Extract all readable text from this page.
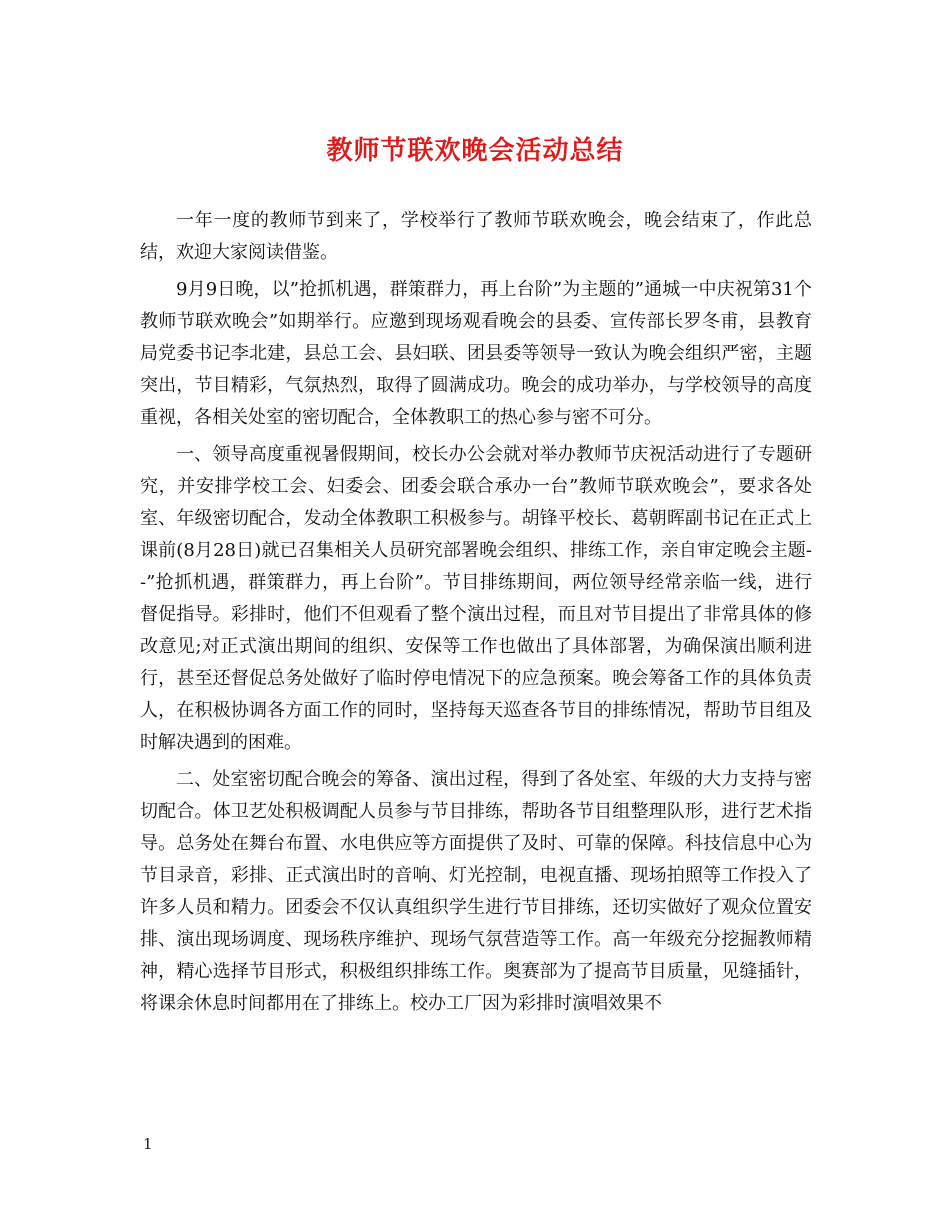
教师节联欢晚会活动总结

一年一度的教师节到来了，学校举行了教师节联欢晚会，晚会结束了，作此总结，欢迎大家阅读借鉴。

9月9日晚，以”抢抓机遇，群策群力，再上台阶”为主题的”通城一中庆祝第31个教师节联欢晚会”如期举行。应邀到现场观看晚会的县委、宣传部长罗冬甫，县教育局党委书记李北建，县总工会、县妇联、团县委等领导一致认为晚会组织严密，主题突出，节目精彩，气氛热烈，取得了圆满成功。晚会的成功举办，与学校领导的高度重视，各相关处室的密切配合，全体教职工的热心参与密不可分。

一、领导高度重视暑假期间，校长办公会就对举办教师节庆祝活动进行了专题研究，并安排学校工会、妇委会、团委会联合承办一台”教师节联欢晚会”，要求各处室、年级密切配合，发动全体教职工积极参与。胡锋平校长、葛朝晖副书记在正式上课前(8月28日)就已召集相关人员研究部署晚会组织、排练工作，亲自审定晚会主题--”抢抓机遇，群策群力，再上台阶”。节目排练期间，两位领导经常亲临一线，进行督促指导。彩排时，他们不但观看了整个演出过程，而且对节目提出了非常具体的修改意见;对正式演出期间的组织、安保等工作也做出了具体部署，为确保演出顺利进行，甚至还督促总务处做好了临时停电情况下的应急预案。晚会筹备工作的具体负责人，在积极协调各方面工作的同时，坚持每天巡查各节目的排练情况，帮助节目组及时解决遇到的困难。

二、处室密切配合晚会的筹备、演出过程，得到了各处室、年级的大力支持与密切配合。体卫艺处积极调配人员参与节目排练，帮助各节目组整理队形，进行艺术指导。总务处在舞台布置、水电供应等方面提供了及时、可靠的保障。科技信息中心为节目录音，彩排、正式演出时的音响、灯光控制，电视直播、现场拍照等工作投入了许多人员和精力。团委会不仅认真组织学生进行节目排练，还切实做好了观众位置安排、演出现场调度、现场秩序维护、现场气氛营造等工作。高一年级充分挖掘教师精神，精心选择节目形式，积极组织排练工作。奥赛部为了提高节目质量，见缝插针，将课余休息时间都用在了排练上。校办工厂因为彩排时演唱效果不

1
